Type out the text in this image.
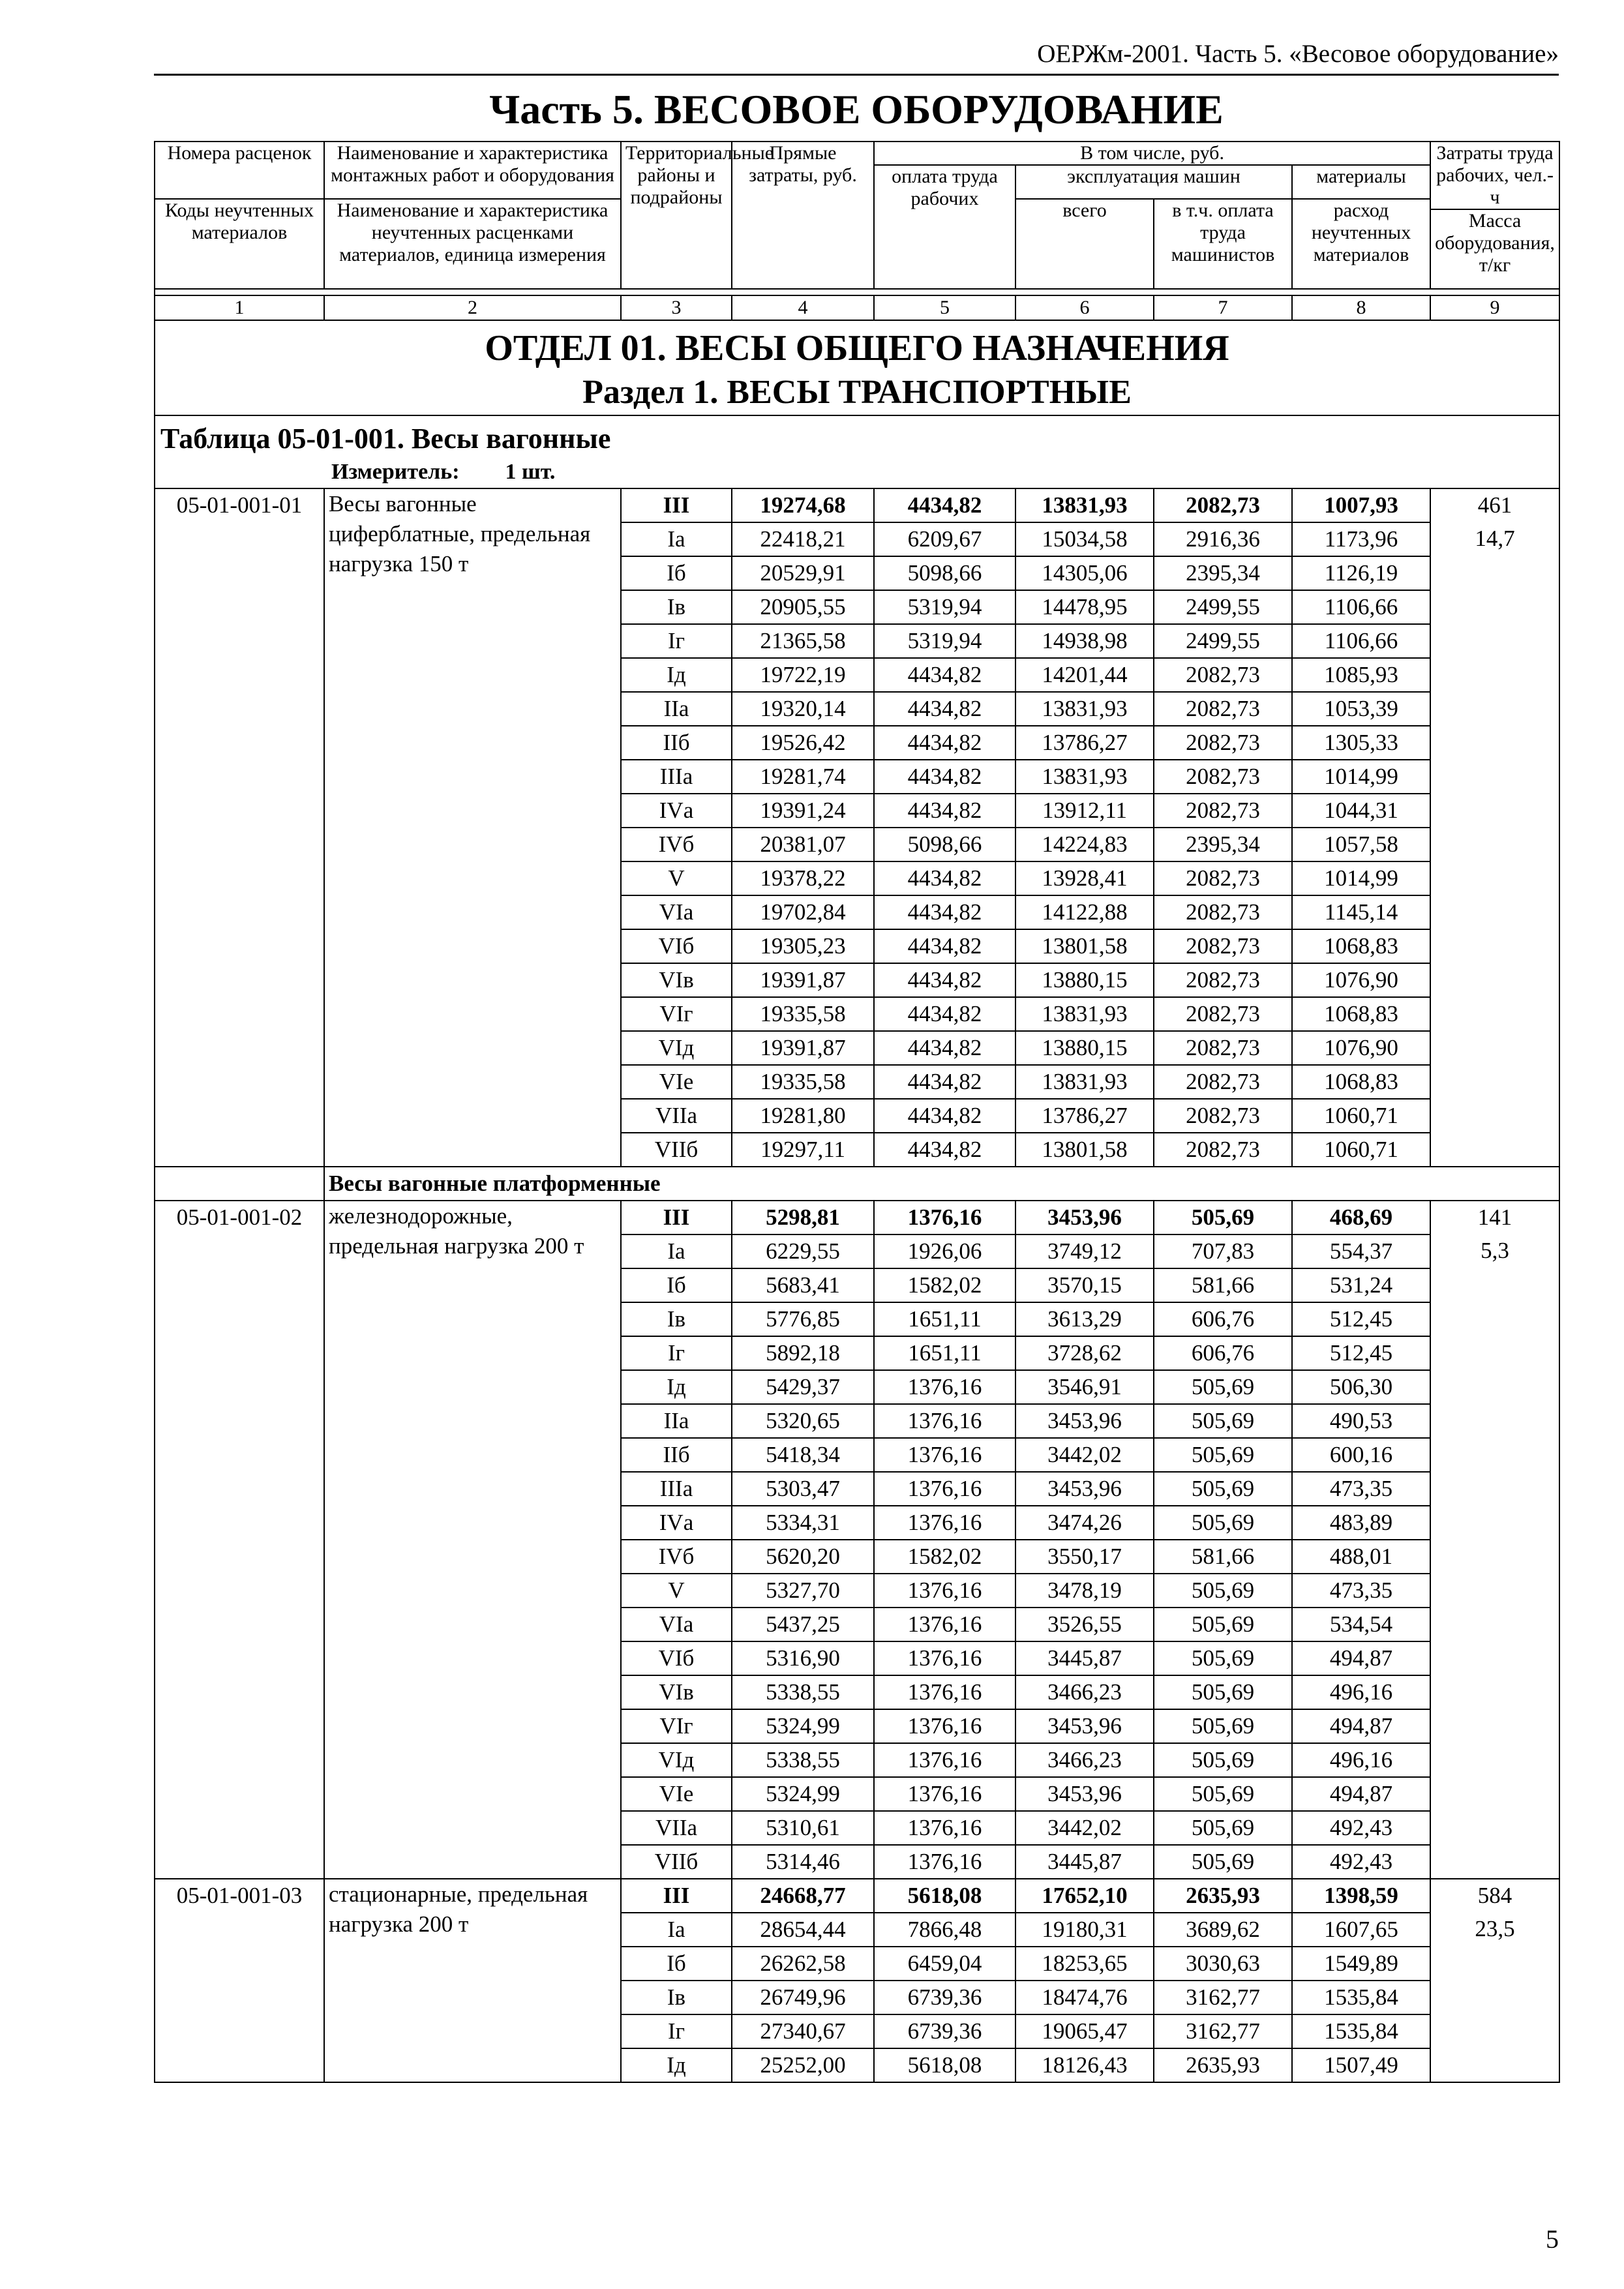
ОЕРЖм-2001. Часть 5. «Весовое оборудование»
Часть 5. ВЕСОВОЕ ОБОРУДОВАНИЕ
Номера расценок	Наименование и характеристика монтажных работ и оборудования	Территориальные районы и подрайоны	Прямые затраты, руб.	В том числе, руб.				Затраты труда рабочих, чел.-ч
				оплата труда рабочих	эксплуатация машин		материалы	
Коды неучтенных материалов	Наименование и характеристика неучтенных расценками материалов, единица измерения				всего	в т.ч. оплата труда машинистов	расход неучтенных материалов	
								Масса оборудования, т/кг

1	2	3	4	5	6	7	8	9

ОТДЕЛ 01. ВЕСЫ ОБЩЕГО НАЗНАЧЕНИЯ
Раздел 1. ВЕСЫ ТРАНСПОРТНЫЕ								

Таблица 05-01-001. Весы вагонные
Измеритель: 1 шт.								

05-01-001-01	Весы вагонные циферблатные, предельная нагрузка 150 т	III	19274,68	4434,82	13831,93	2082,73	1007,93	461
		Iа	22418,21	6209,67	15034,58	2916,36	1173,96	14,7
		Iб	20529,91	5098,66	14305,06	2395,34	1126,19	
		Iв	20905,55	5319,94	14478,95	2499,55	1106,66	
		Iг	21365,58	5319,94	14938,98	2499,55	1106,66	
		Iд	19722,19	4434,82	14201,44	2082,73	1085,93	
		IIа	19320,14	4434,82	13831,93	2082,73	1053,39	
		IIб	19526,42	4434,82	13786,27	2082,73	1305,33	
		IIIа	19281,74	4434,82	13831,93	2082,73	1014,99	
		IVа	19391,24	4434,82	13912,11	2082,73	1044,31	
		IVб	20381,07	5098,66	14224,83	2395,34	1057,58	
		V	19378,22	4434,82	13928,41	2082,73	1014,99	
		VIа	19702,84	4434,82	14122,88	2082,73	1145,14	
		VIб	19305,23	4434,82	13801,58	2082,73	1068,83	
		VIв	19391,87	4434,82	13880,15	2082,73	1076,90	
		VIг	19335,58	4434,82	13831,93	2082,73	1068,83	
		VIд	19391,87	4434,82	13880,15	2082,73	1076,90	
		VIе	19335,58	4434,82	13831,93	2082,73	1068,83	
		VIIа	19281,80	4434,82	13786,27	2082,73	1060,71	
		VIIб	19297,11	4434,82	13801,58	2082,73	1060,71	
	Весы вагонные платформенные							
05-01-001-02	железнодорожные, предельная нагрузка 200 т	III	5298,81	1376,16	3453,96	505,69	468,69	141
		Iа	6229,55	1926,06	3749,12	707,83	554,37	5,3
		Iб	5683,41	1582,02	3570,15	581,66	531,24	
		Iв	5776,85	1651,11	3613,29	606,76	512,45	
		Iг	5892,18	1651,11	3728,62	606,76	512,45	
		Iд	5429,37	1376,16	3546,91	505,69	506,30	
		IIа	5320,65	1376,16	3453,96	505,69	490,53	
		IIб	5418,34	1376,16	3442,02	505,69	600,16	
		IIIа	5303,47	1376,16	3453,96	505,69	473,35	
		IVа	5334,31	1376,16	3474,26	505,69	483,89	
		IVб	5620,20	1582,02	3550,17	581,66	488,01	
		V	5327,70	1376,16	3478,19	505,69	473,35	
		VIа	5437,25	1376,16	3526,55	505,69	534,54	
		VIб	5316,90	1376,16	3445,87	505,69	494,87	
		VIв	5338,55	1376,16	3466,23	505,69	496,16	
		VIг	5324,99	1376,16	3453,96	505,69	494,87	
		VIд	5338,55	1376,16	3466,23	505,69	496,16	
		VIе	5324,99	1376,16	3453,96	505,69	494,87	
		VIIа	5310,61	1376,16	3442,02	505,69	492,43	
		VIIб	5314,46	1376,16	3445,87	505,69	492,43	
05-01-001-03	стационарные, предельная нагрузка 200 т	III	24668,77	5618,08	17652,10	2635,93	1398,59	584
		Iа	28654,44	7866,48	19180,31	3689,62	1607,65	23,5
		Iб	26262,58	6459,04	18253,65	3030,63	1549,89	
		Iв	26749,96	6739,36	18474,76	3162,77	1535,84	
		Iг	27340,67	6739,36	19065,47	3162,77	1535,84	
		Iд	25252,00	5618,08	18126,43	2635,93	1507,49	
5
